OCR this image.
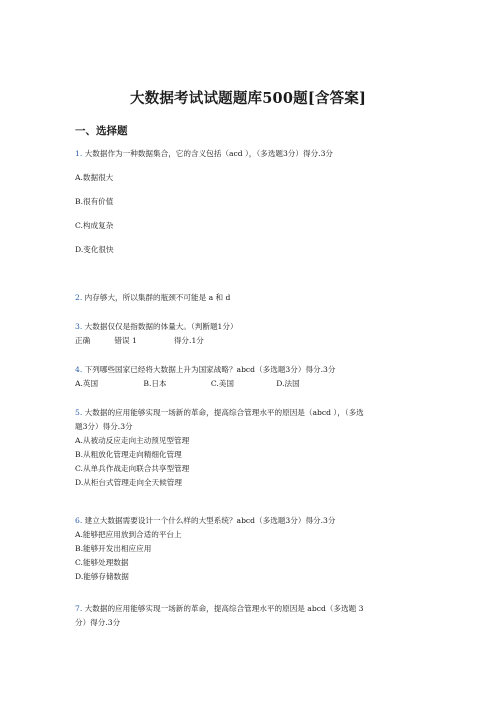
大数据考试试题题库500题[含答案]
一、选择题
1. 大数据作为一种数据集合，它的含义包括（acd ），（多选题3分）得分.3分
A.数据很大
B.很有价值
C.构成复杂
D.变化很快
2. 内存够大，所以集群的瓶颈不可能是 a 和 d
3. 大数据仅仅是指数据的体量大。（判断题1分）
正确	错误 1	得分.1分
4. 下列哪些国家已经将大数据上升为国家战略？abcd（多选题3分）得分.3分
A.英国	B.日本	C.美国	D.法国
5. 大数据的应用能够实现一场新的革命，提高综合管理水平的原因是（abcd ），（多选
题3分）得分.3分
A.从被动反应走向主动预见型管理
B.从粗放化管理走向精细化管理
C.从单兵作战走向联合共享型管理
D.从柜台式管理走向全天候管理
6. 建立大数据需要设计一个什么样的大型系统？abcd（多选题3分）得分.3分
A.能够把应用放到合适的平台上
B.能够开发出相应应用
C.能够处理数据
D.能够存储数据
7. 大数据的应用能够实现一场新的革命，提高综合管理水平的原因是 abcd（多选题 3
分）得分.3分
